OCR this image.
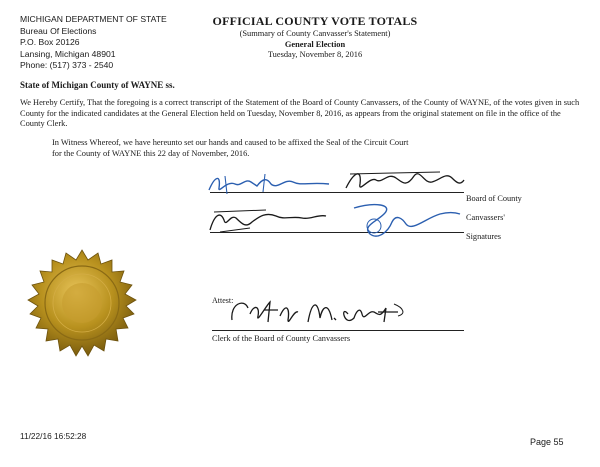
MICHIGAN DEPARTMENT OF STATE
Bureau Of Elections
P.O. Box 20126
Lansing, Michigan 48901
Phone: (517) 373 - 2540
OFFICIAL COUNTY VOTE TOTALS
(Summary of County Canvasser's Statement)
General Election
Tuesday, November 8, 2016
State of Michigan County of WAYNE ss.

We Hereby Certify, That the foregoing is a correct transcript of the Statement of the Board of County Canvassers, of the County of WAYNE, of the votes given in such County for the indicated candidates at the General Election held on Tuesday, November 8, 2016, as appears from the original statement on file in the office of the County Clerk.

In Witness Whereof, we have hereunto set our hands and caused to be affixed the Seal of the Circuit Court

for the County of WAYNE this 22 day of November, 2016.

Board of County
Canvassers'
Signatures
Attest:
Clerk of the Board of County Canvassers
11/22/16 16:52:28
Page 55
